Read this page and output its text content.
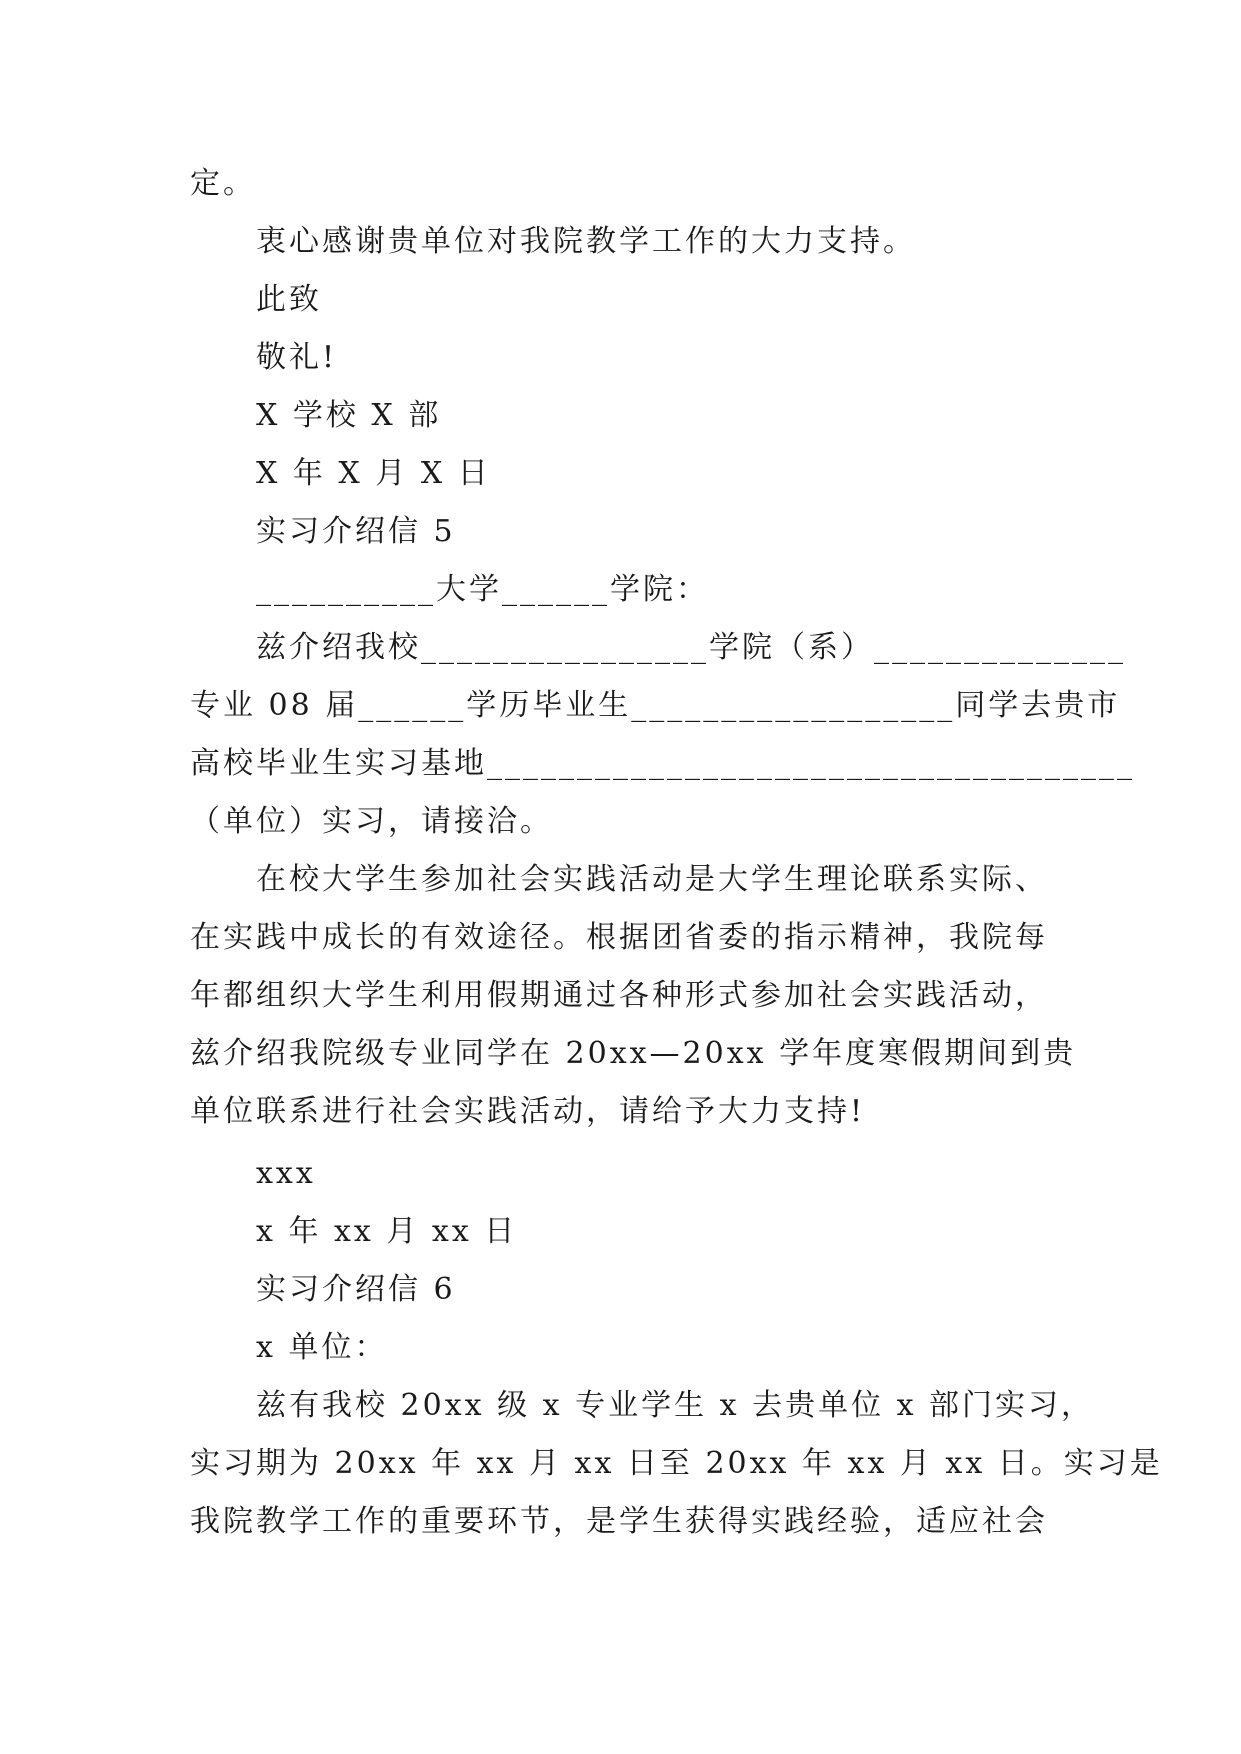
定。
衷心感谢贵单位对我院教学工作的大力支持。
此致
敬礼!
X 学校 X 部
X 年 X 月 X 日
实习介绍信 5
__________大学______学院：
兹介绍我校________________学院（系）______________
专业 08 届______学历毕业生__________________同学去贵市
高校毕业生实习基地____________________________________
（单位）实习，请接洽。
在校大学生参加社会实践活动是大学生理论联系实际、
在实践中成长的有效途径。根据团省委的指示精神，我院每
年都组织大学生利用假期通过各种形式参加社会实践活动，
兹介绍我院级专业同学在 20xx—20xx 学年度寒假期间到贵
单位联系进行社会实践活动，请给予大力支持!
xxx
x 年 xx 月 xx 日
实习介绍信 6
x 单位：
兹有我校 20xx 级 x 专业学生 x 去贵单位 x 部门实习，
实习期为 20xx 年 xx 月 xx 日至 20xx 年 xx 月 xx 日。实习是
我院教学工作的重要环节，是学生获得实践经验，适应社会
